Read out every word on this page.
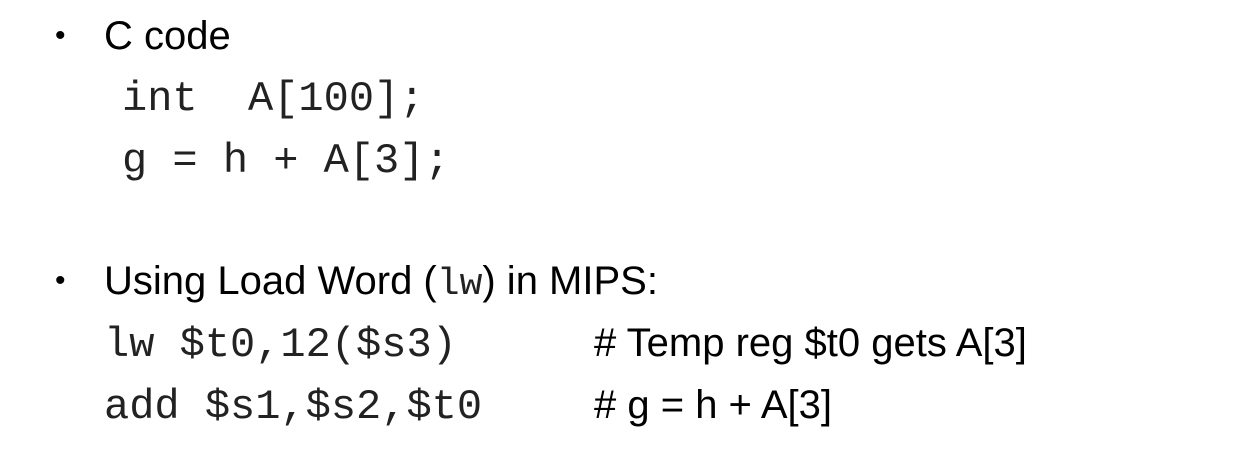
• C code
int  A[100];
g = h + A[3];
• Using Load Word (lw) in MIPS:
lw $t0,12($s3)	# Temp reg $t0 gets A[3]
add $s1,$s2,$t0	# g = h + A[3]
